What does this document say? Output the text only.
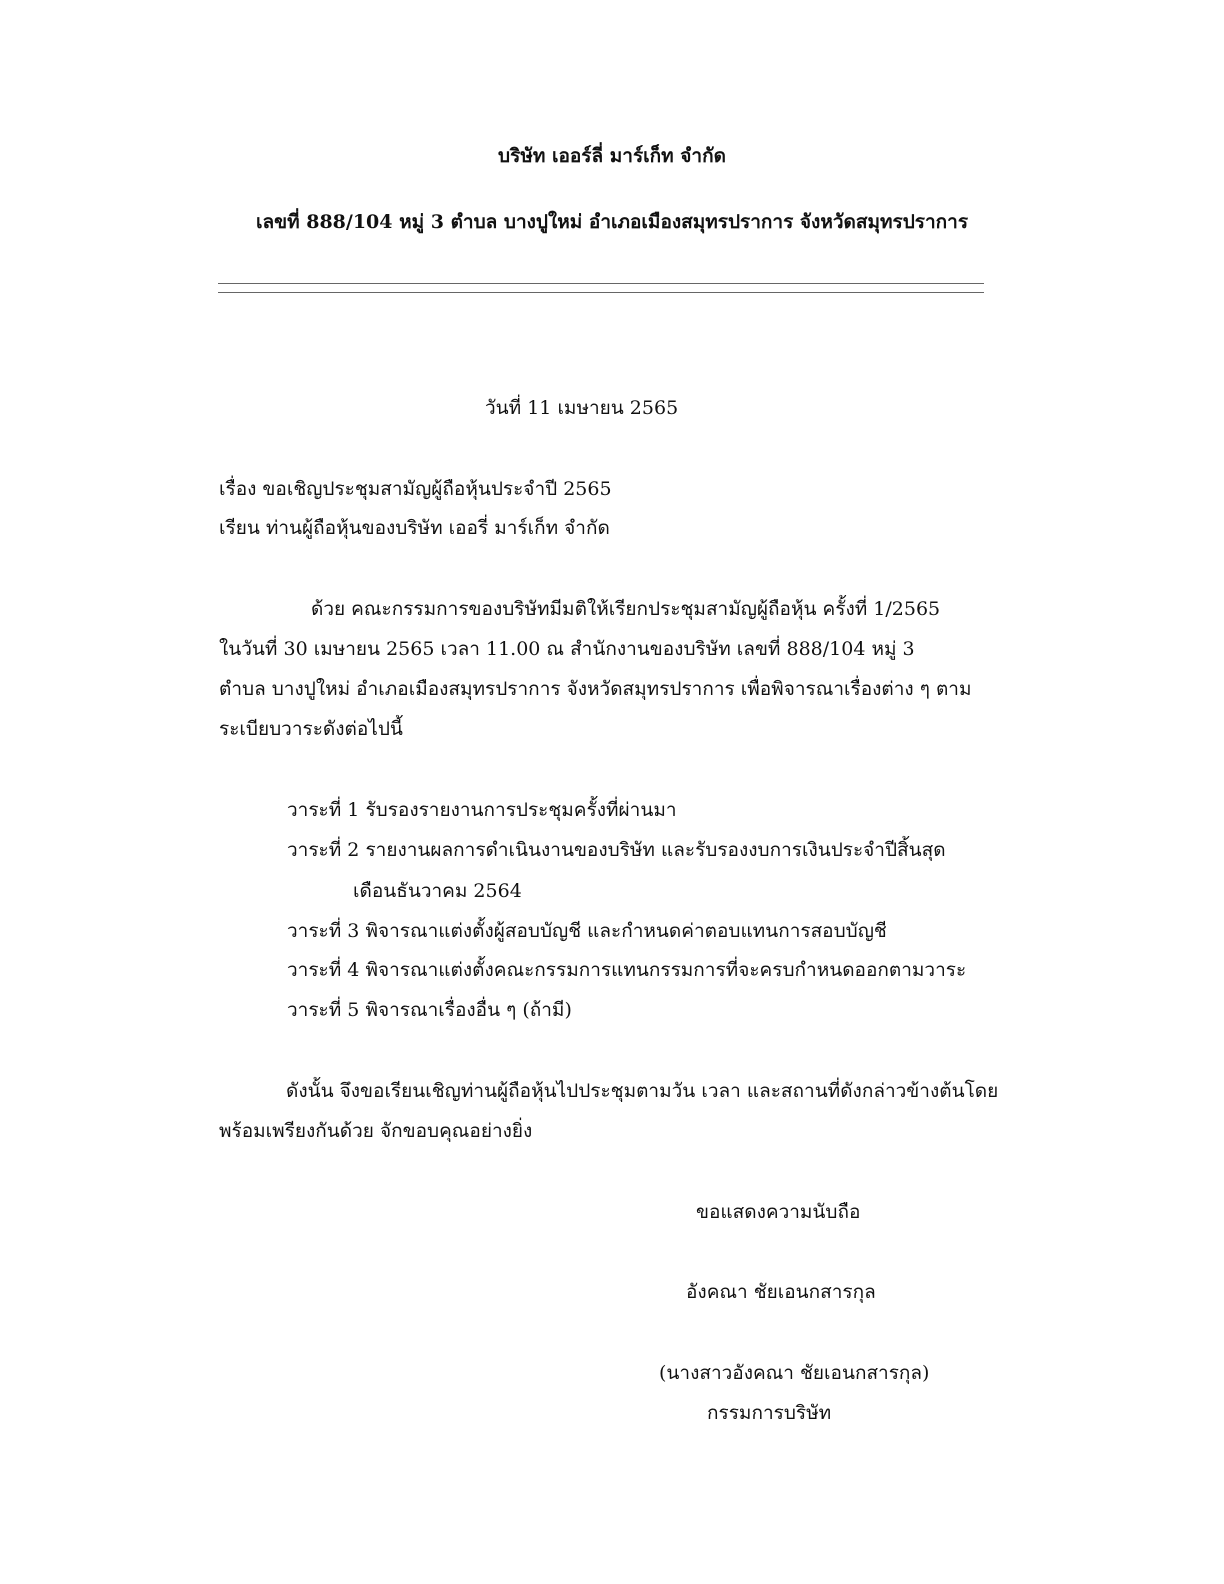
บริษัท เออร์ลี่ มาร์เก็ท จำกัด
เลขที่ 888/104 หมู่ 3 ตำบล บางปูใหม่ อำเภอเมืองสมุทรปราการ จังหวัดสมุทรปราการ
วันที่ 11 เมษายน 2565
เรื่อง ขอเชิญประชุมสามัญผู้ถือหุ้นประจำปี 2565
เรียน ท่านผู้ถือหุ้นของบริษัท เออรี่ มาร์เก็ท จำกัด
ด้วย คณะกรรมการของบริษัทมีมติให้เรียกประชุมสามัญผู้ถือหุ้น ครั้งที่ 1/2565
ในวันที่ 30 เมษายน 2565 เวลา 11.00 ณ สำนักงานของบริษัท เลขที่ 888/104 หมู่ 3
ตำบล บางปูใหม่ อำเภอเมืองสมุทรปราการ จังหวัดสมุทรปราการ เพื่อพิจารณาเรื่องต่าง ๆ ตาม
ระเบียบวาระดังต่อไปนี้
วาระที่ 1 รับรองรายงานการประชุมครั้งที่ผ่านมา
วาระที่ 2 รายงานผลการดำเนินงานของบริษัท และรับรองงบการเงินประจำปีสิ้นสุด
เดือนธันวาคม 2564
วาระที่ 3 พิจารณาแต่งตั้งผู้สอบบัญชี และกำหนดค่าตอบแทนการสอบบัญชี
วาระที่ 4 พิจารณาแต่งตั้งคณะกรรมการแทนกรรมการที่จะครบกำหนดออกตามวาระ
วาระที่ 5 พิจารณาเรื่องอื่น ๆ (ถ้ามี)
ดังนั้น จึงขอเรียนเชิญท่านผู้ถือหุ้นไปประชุมตามวัน เวลา และสถานที่ดังกล่าวข้างต้นโดย
พร้อมเพรียงกันด้วย จักขอบคุณอย่างยิ่ง
ขอแสดงความนับถือ
อังคณา ชัยเอนกสารกุล
(นางสาวอังคณา ชัยเอนกสารกุล)
กรรมการบริษัท
